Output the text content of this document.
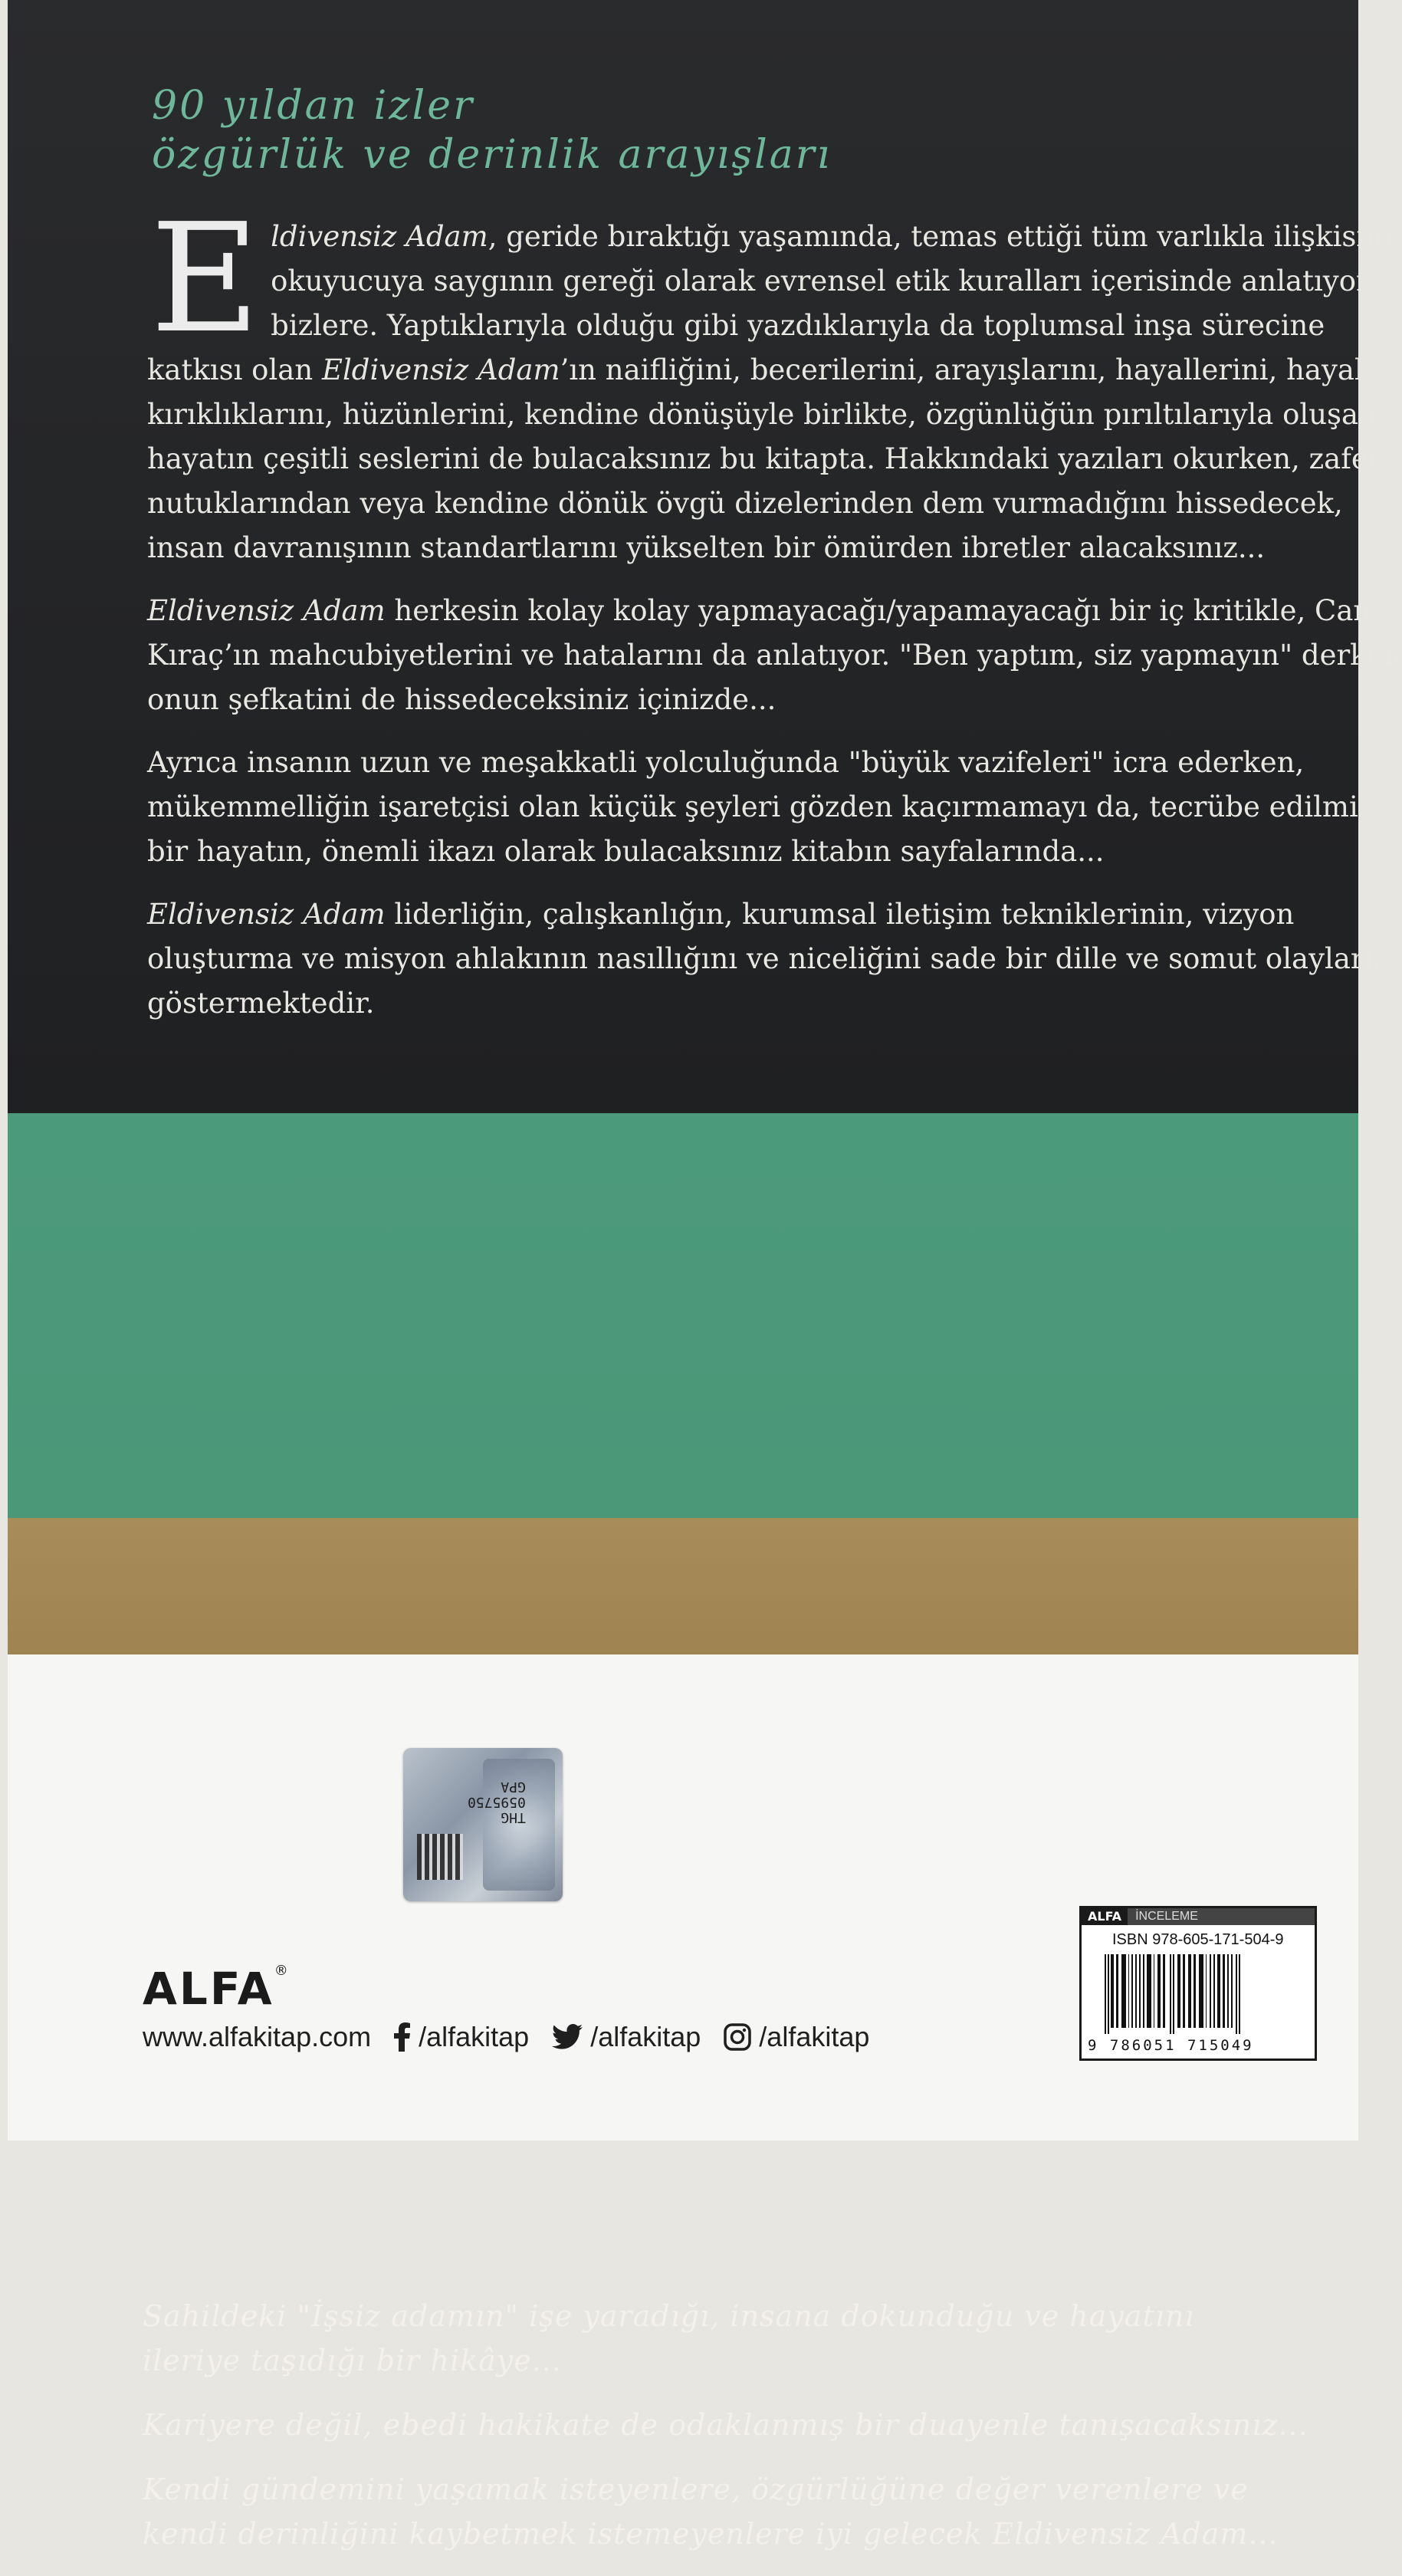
90 yıldan izler
özgürlük ve derinlik arayışları

E ldivensiz Adam, geride bıraktığı yaşamında, temas ettiği tüm varlıkla ilişkisini
okuyucuya saygının gereği olarak evrensel etik kuralları içerisinde anlatıyor
bizlere. Yaptıklarıyla olduğu gibi yazdıklarıyla da toplumsal inşa sürecine
katkısı olan Eldivensiz Adam’ın naifliğini, becerilerini, arayışlarını, hayallerini, hayal
kırıklıklarını, hüzünlerini, kendine dönüşüyle birlikte, özgünlüğün pırıltılarıyla oluşan
hayatın çeşitli seslerini de bulacaksınız bu kitapta. Hakkındaki yazıları okurken, zafer
nutuklarından veya kendine dönük övgü dizelerinden dem vurmadığını hissedecek,
insan davranışının standartlarını yükselten bir ömürden ibretler alacaksınız...

Eldivensiz Adam herkesin kolay kolay yapmayacağı/yapamayacağı bir iç kritikle, Can
Kıraç’ın mahcubiyetlerini ve hatalarını da anlatıyor. "Ben yaptım, siz yapmayın" derken
onun şefkatini de hissedeceksiniz içinizde...

Ayrıca insanın uzun ve meşakkatli yolculuğunda "büyük vazifeleri" icra ederken,
mükemmelliğin işaretçisi olan küçük şeyleri gözden kaçırmamayı da, tecrübe edilmiş
bir hayatın, önemli ikazı olarak bulacaksınız kitabın sayfalarında...

Eldivensiz Adam liderliğin, çalışkanlığın, kurumsal iletişim tekniklerinin, vizyon
oluşturma ve misyon ahlakının nasıllığını ve niceliğini sade bir dille ve somut olaylarla
göstermektedir.

Sahildeki "İşsiz adamın" işe yaradığı, insana dokunduğu ve hayatını
ileriye taşıdığı bir hikâye...

Kariyere değil, ebedi hakikate de odaklanmış bir duayenle tanışacaksınız...

Kendi gündemini yaşamak isteyenlere, özgürlüğüne değer verenlere ve
kendi derinliğini kaybetmek istemeyenlere iyi gelecek Eldivensiz Adam...

THG
0595750
GPA
ALFA®
www.alfakitap.com /alfakitap /alfakitap /alfakitap
ALFA	İNCELEME
ISBN 978-605-171-504-9
9 786051 715049
